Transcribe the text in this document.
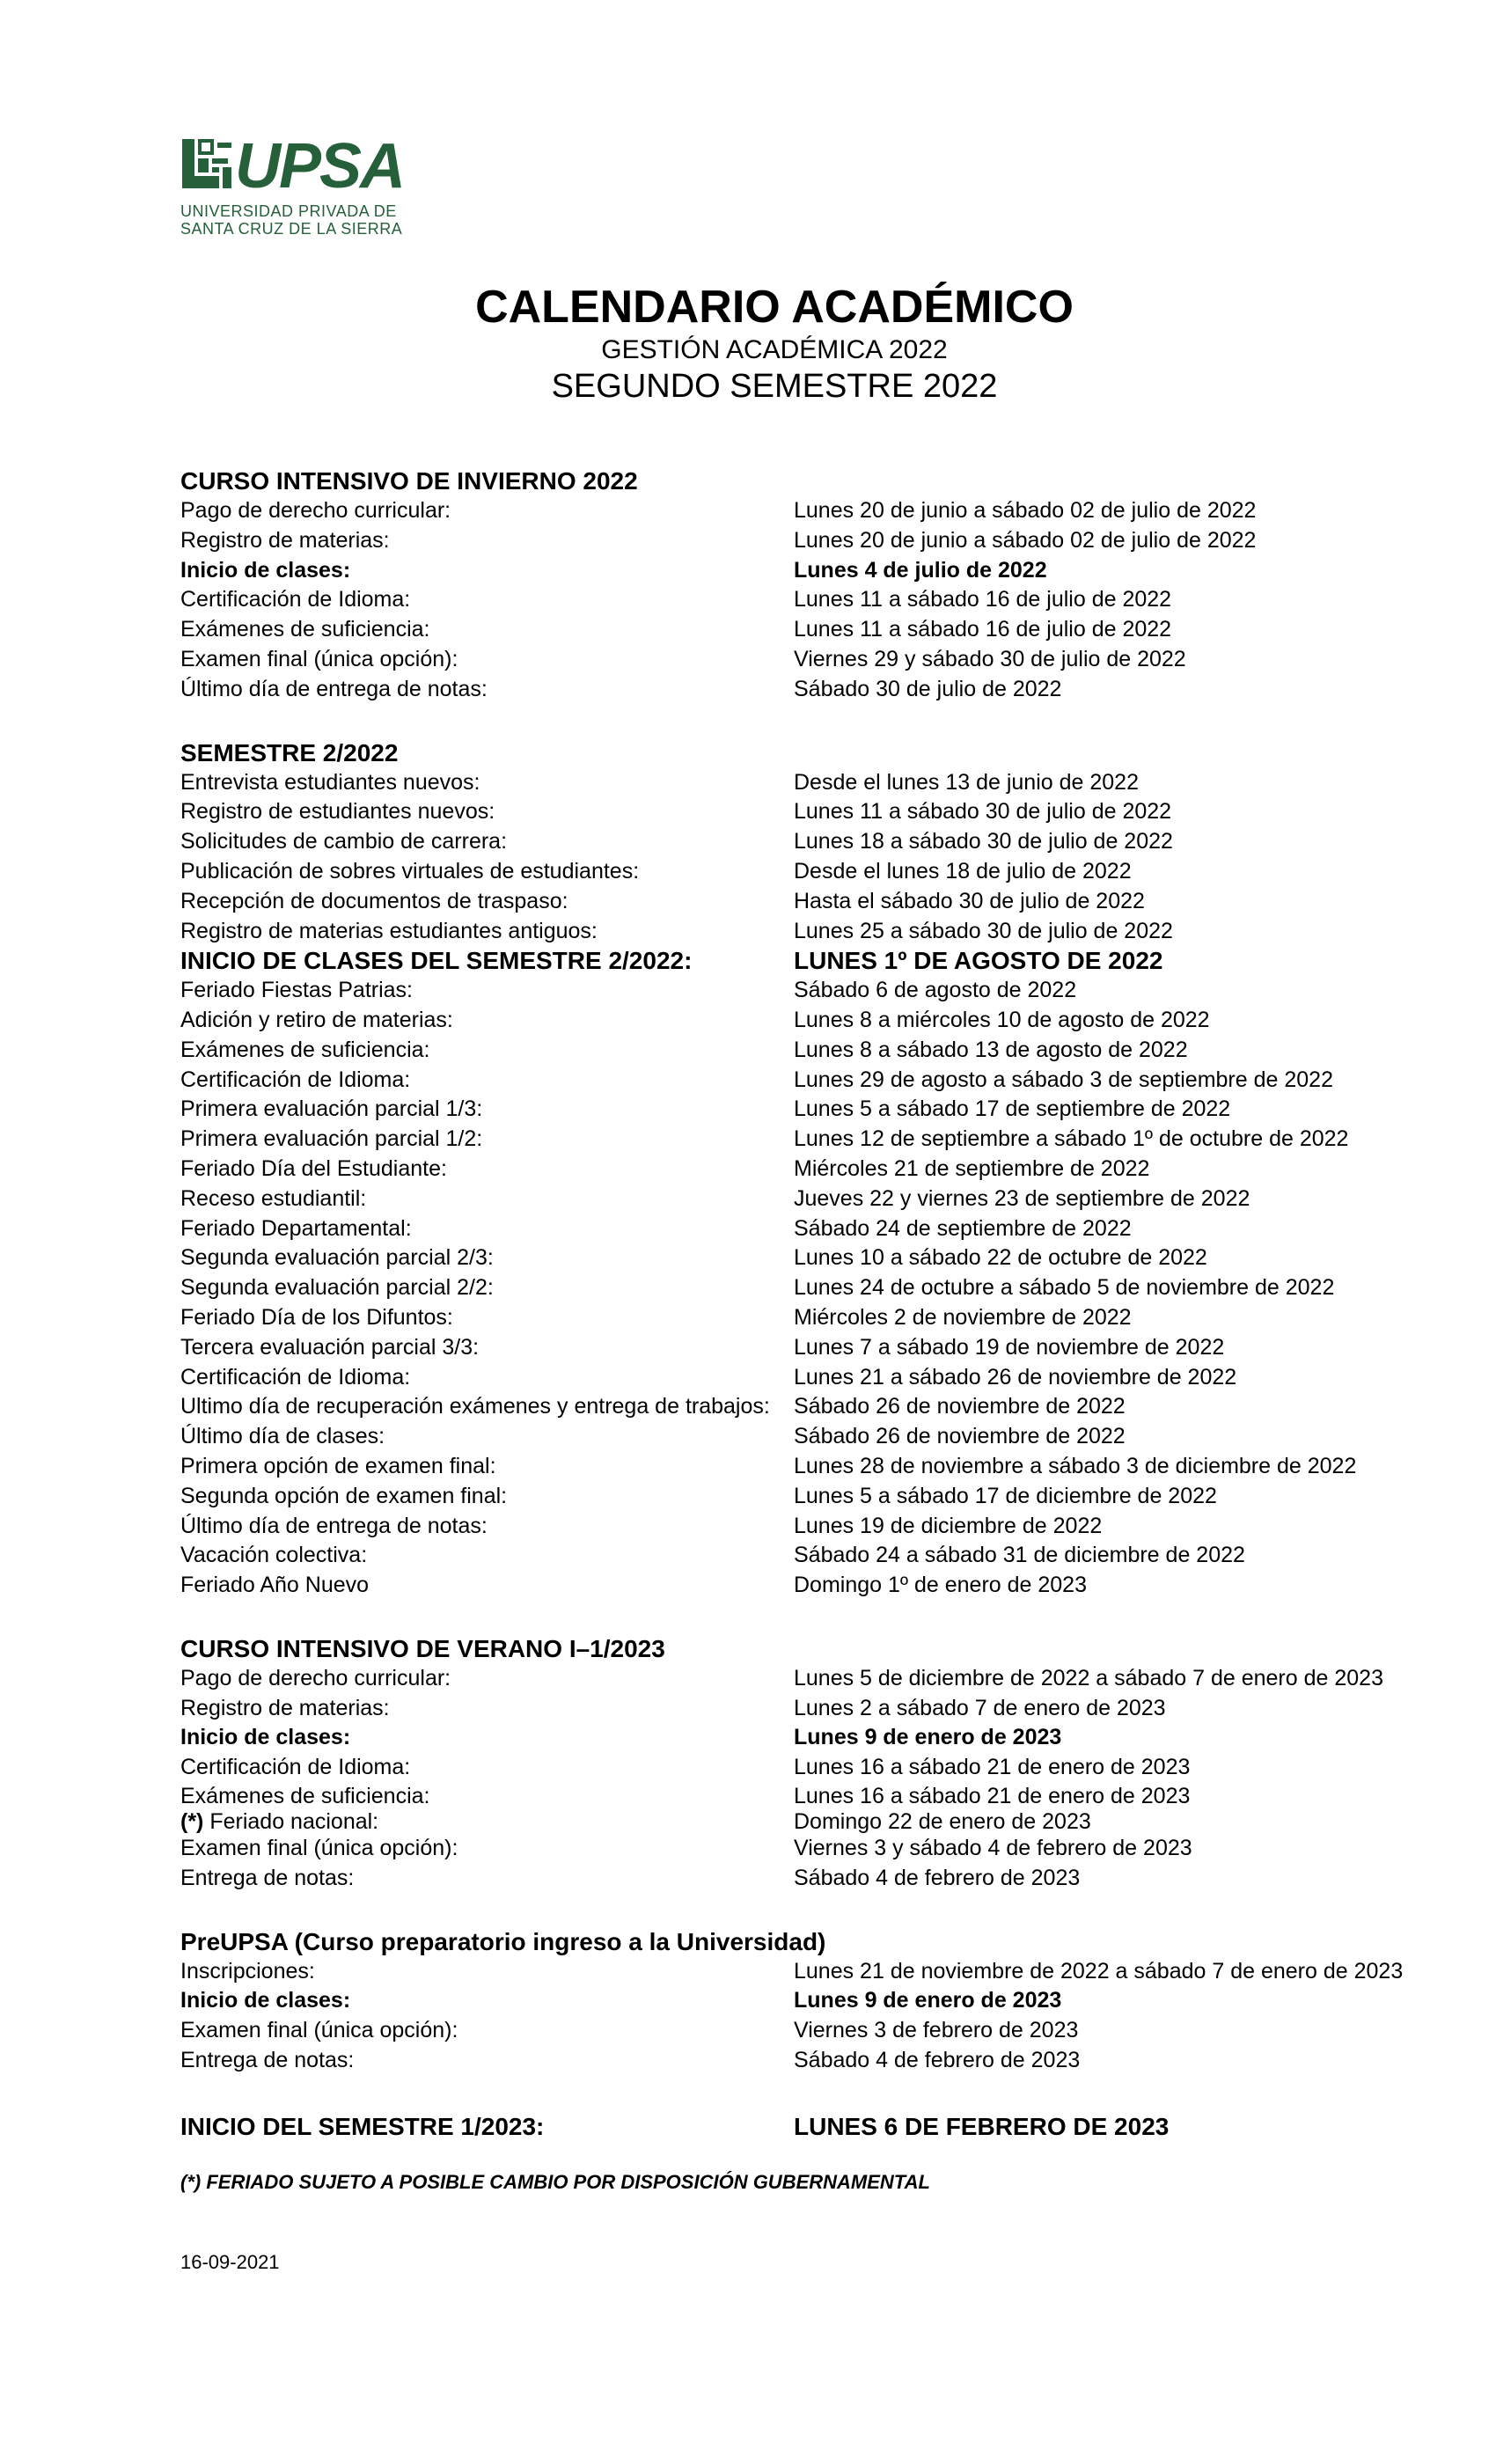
UPSA
UNIVERSIDAD PRIVADA DE
SANTA CRUZ DE LA SIERRA
CALENDARIO ACADÉMICO
GESTIÓN ACADÉMICA 2022
SEGUNDO SEMESTRE 2022
CURSO INTENSIVO DE INVIERNO 2022
Pago de derecho curricular:	Lunes 20 de junio a sábado 02 de julio de 2022
Registro de materias:	Lunes 20 de junio a sábado 02 de julio de 2022
Inicio de clases:	Lunes 4 de julio de 2022
Certificación de Idioma:	Lunes 11 a sábado 16 de julio de 2022
Exámenes de suficiencia:	Lunes 11 a sábado 16 de julio de 2022
Examen final (única opción):	Viernes 29 y sábado 30 de julio de 2022
Último día de entrega de notas:	Sábado 30 de julio de 2022
SEMESTRE 2/2022
Entrevista estudiantes nuevos:	Desde el lunes 13 de junio de 2022
Registro de estudiantes nuevos:	Lunes 11 a sábado 30 de julio de 2022
Solicitudes de cambio de carrera:	Lunes 18 a sábado 30 de julio de 2022
Publicación de sobres virtuales de estudiantes:	Desde el lunes 18 de julio de 2022
Recepción de documentos de traspaso:	Hasta el sábado 30 de julio de 2022
Registro de materias estudiantes antiguos:	Lunes 25 a sábado 30 de julio de 2022
INICIO DE CLASES DEL SEMESTRE 2/2022:	LUNES 1º DE AGOSTO DE 2022
Feriado Fiestas Patrias:	Sábado 6 de agosto de 2022
Adición y retiro de materias:	Lunes 8 a miércoles 10 de agosto de 2022
Exámenes de suficiencia:	Lunes 8 a sábado 13 de agosto de 2022
Certificación de Idioma:	Lunes 29 de agosto a sábado 3 de septiembre de 2022
Primera evaluación parcial 1/3:	Lunes 5 a sábado 17 de septiembre de 2022
Primera evaluación parcial 1/2:	Lunes 12 de septiembre a sábado 1º de octubre de 2022
Feriado Día del Estudiante:	Miércoles 21 de septiembre de 2022
Receso estudiantil:	Jueves 22 y viernes 23 de septiembre de 2022
Feriado Departamental:	Sábado 24 de septiembre de 2022
Segunda evaluación parcial 2/3:	Lunes 10 a sábado 22 de octubre de 2022
Segunda evaluación parcial 2/2:	Lunes 24 de octubre a sábado 5 de noviembre de 2022
Feriado Día de los Difuntos:	Miércoles 2 de noviembre de 2022
Tercera evaluación parcial 3/3:	Lunes 7 a sábado 19 de noviembre de 2022
Certificación de Idioma:	Lunes 21 a sábado 26 de noviembre de 2022
Ultimo día de recuperación exámenes y entrega de trabajos: Sábado 26 de noviembre de 2022
Último día de clases:	Sábado 26 de noviembre de 2022
Primera opción de examen final:	Lunes 28 de noviembre a sábado 3 de diciembre de 2022
Segunda opción de examen final:	Lunes 5 a sábado 17 de diciembre de 2022
Último día de entrega de notas:	Lunes 19 de diciembre de 2022
Vacación colectiva:	Sábado 24 a sábado 31 de diciembre de 2022
Feriado Año Nuevo	Domingo 1º de enero de 2023
CURSO INTENSIVO DE VERANO I–1/2023
Pago de derecho curricular:	Lunes 5 de diciembre de 2022 a sábado 7 de enero de 2023
Registro de materias:	Lunes 2 a sábado 7 de enero de 2023
Inicio de clases:	Lunes 9 de enero de 2023
Certificación de Idioma:	Lunes 16 a sábado 21 de enero de 2023
Exámenes de suficiencia:	Lunes 16 a sábado 21 de enero de 2023
(*) Feriado nacional:	Domingo 22 de enero de 2023
Examen final (única opción):	Viernes 3 y sábado 4 de febrero de 2023
Entrega de notas:	Sábado 4 de febrero de 2023
PreUPSA (Curso preparatorio ingreso a la Universidad)
Inscripciones:	Lunes 21 de noviembre de 2022 a sábado 7 de enero de 2023
Inicio de clases:	Lunes 9 de enero de 2023
Examen final (única opción):	Viernes 3 de febrero de 2023
Entrega de notas:	Sábado 4 de febrero de 2023
INICIO DEL SEMESTRE 1/2023:	LUNES 6 DE FEBRERO DE 2023
(*) FERIADO SUJETO A POSIBLE CAMBIO POR DISPOSICIÓN GUBERNAMENTAL
16-09-2021
